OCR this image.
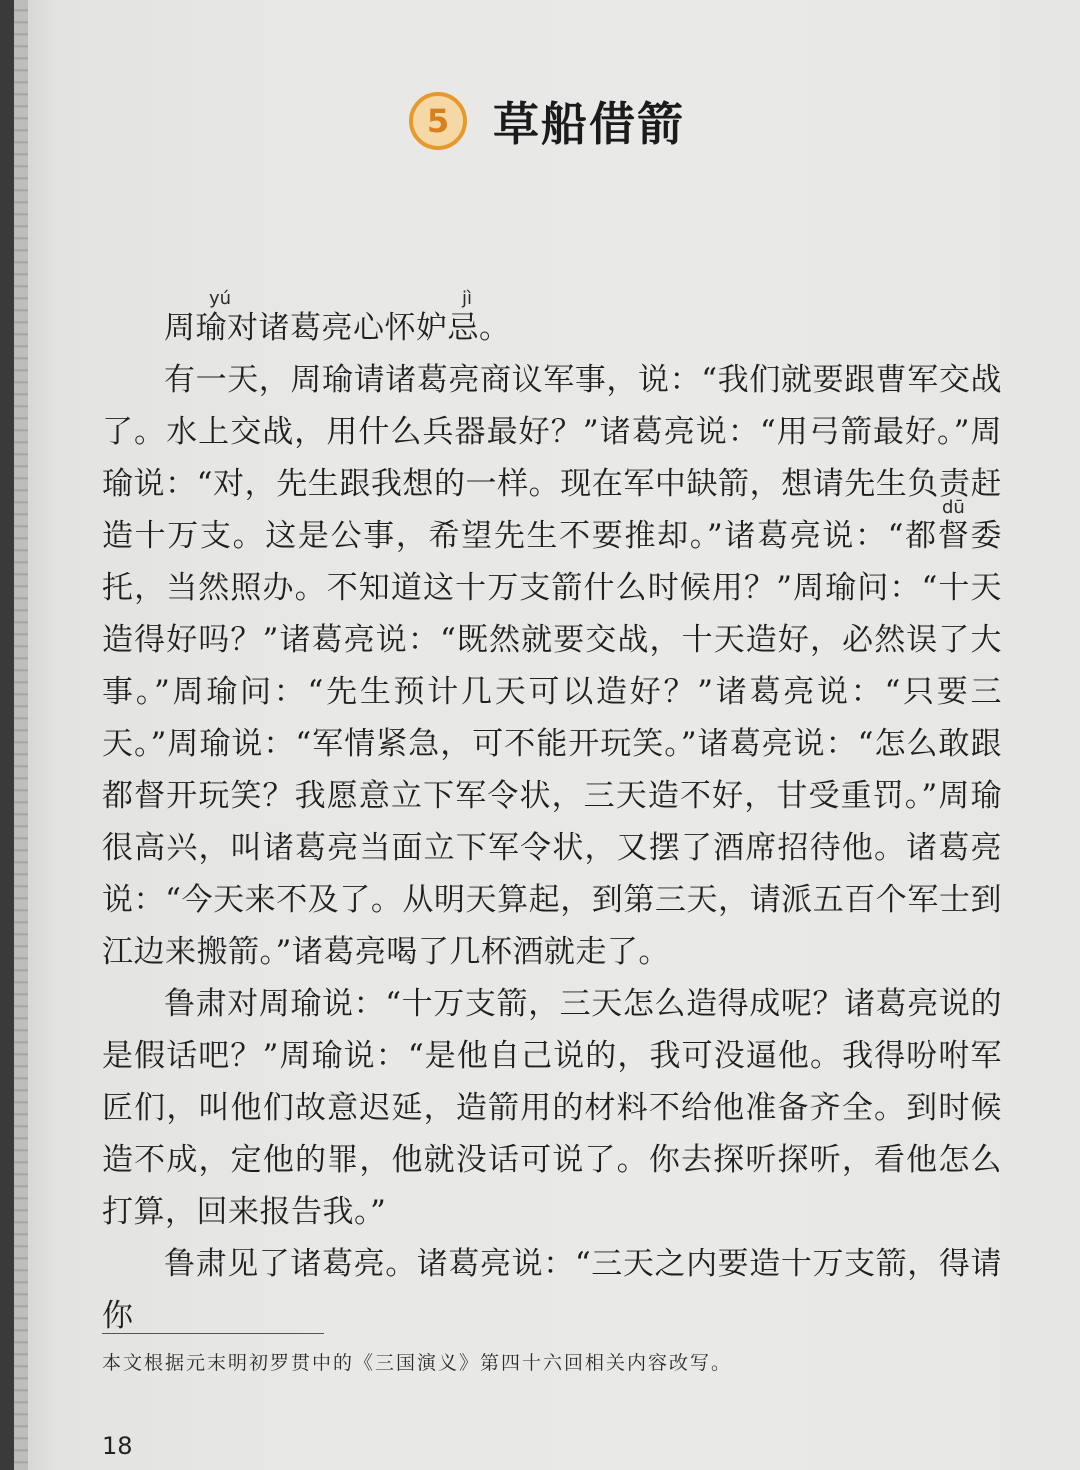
5 草船借箭
yú	jì
dū

周瑜对诸葛亮心怀妒忌。

有一天，周瑜请诸葛亮商议军事，说：“我们就要跟曹军交战了。水上交战，用什么兵器最好？”诸葛亮说：“用弓箭最好。”周瑜说：“对，先生跟我想的一样。现在军中缺箭，想请先生负责赶造十万支。这是公事，希望先生不要推却。”诸葛亮说：“都督委托，当然照办。不知道这十万支箭什么时候用？”周瑜问：“十天造得好吗？”诸葛亮说：“既然就要交战，十天造好，必然误了大事。”周瑜问：“先生预计几天可以造好？”诸葛亮说：“只要三天。”周瑜说：“军情紧急，可不能开玩笑。”诸葛亮说：“怎么敢跟都督开玩笑？我愿意立下军令状，三天造不好，甘受重罚。”周瑜很高兴，叫诸葛亮当面立下军令状，又摆了酒席招待他。诸葛亮说：“今天来不及了。从明天算起，到第三天，请派五百个军士到江边来搬箭。”诸葛亮喝了几杯酒就走了。

鲁肃对周瑜说：“十万支箭，三天怎么造得成呢？诸葛亮说的是假话吧？”周瑜说：“是他自己说的，我可没逼他。我得吩咐军匠们，叫他们故意迟延，造箭用的材料不给他准备齐全。到时候造不成，定他的罪，他就没话可说了。你去探听探听，看他怎么打算，回来报告我。”

鲁肃见了诸葛亮。诸葛亮说：“三天之内要造十万支箭，得请你

本文根据元末明初罗贯中的《三国演义》第四十六回相关内容改写。
18
